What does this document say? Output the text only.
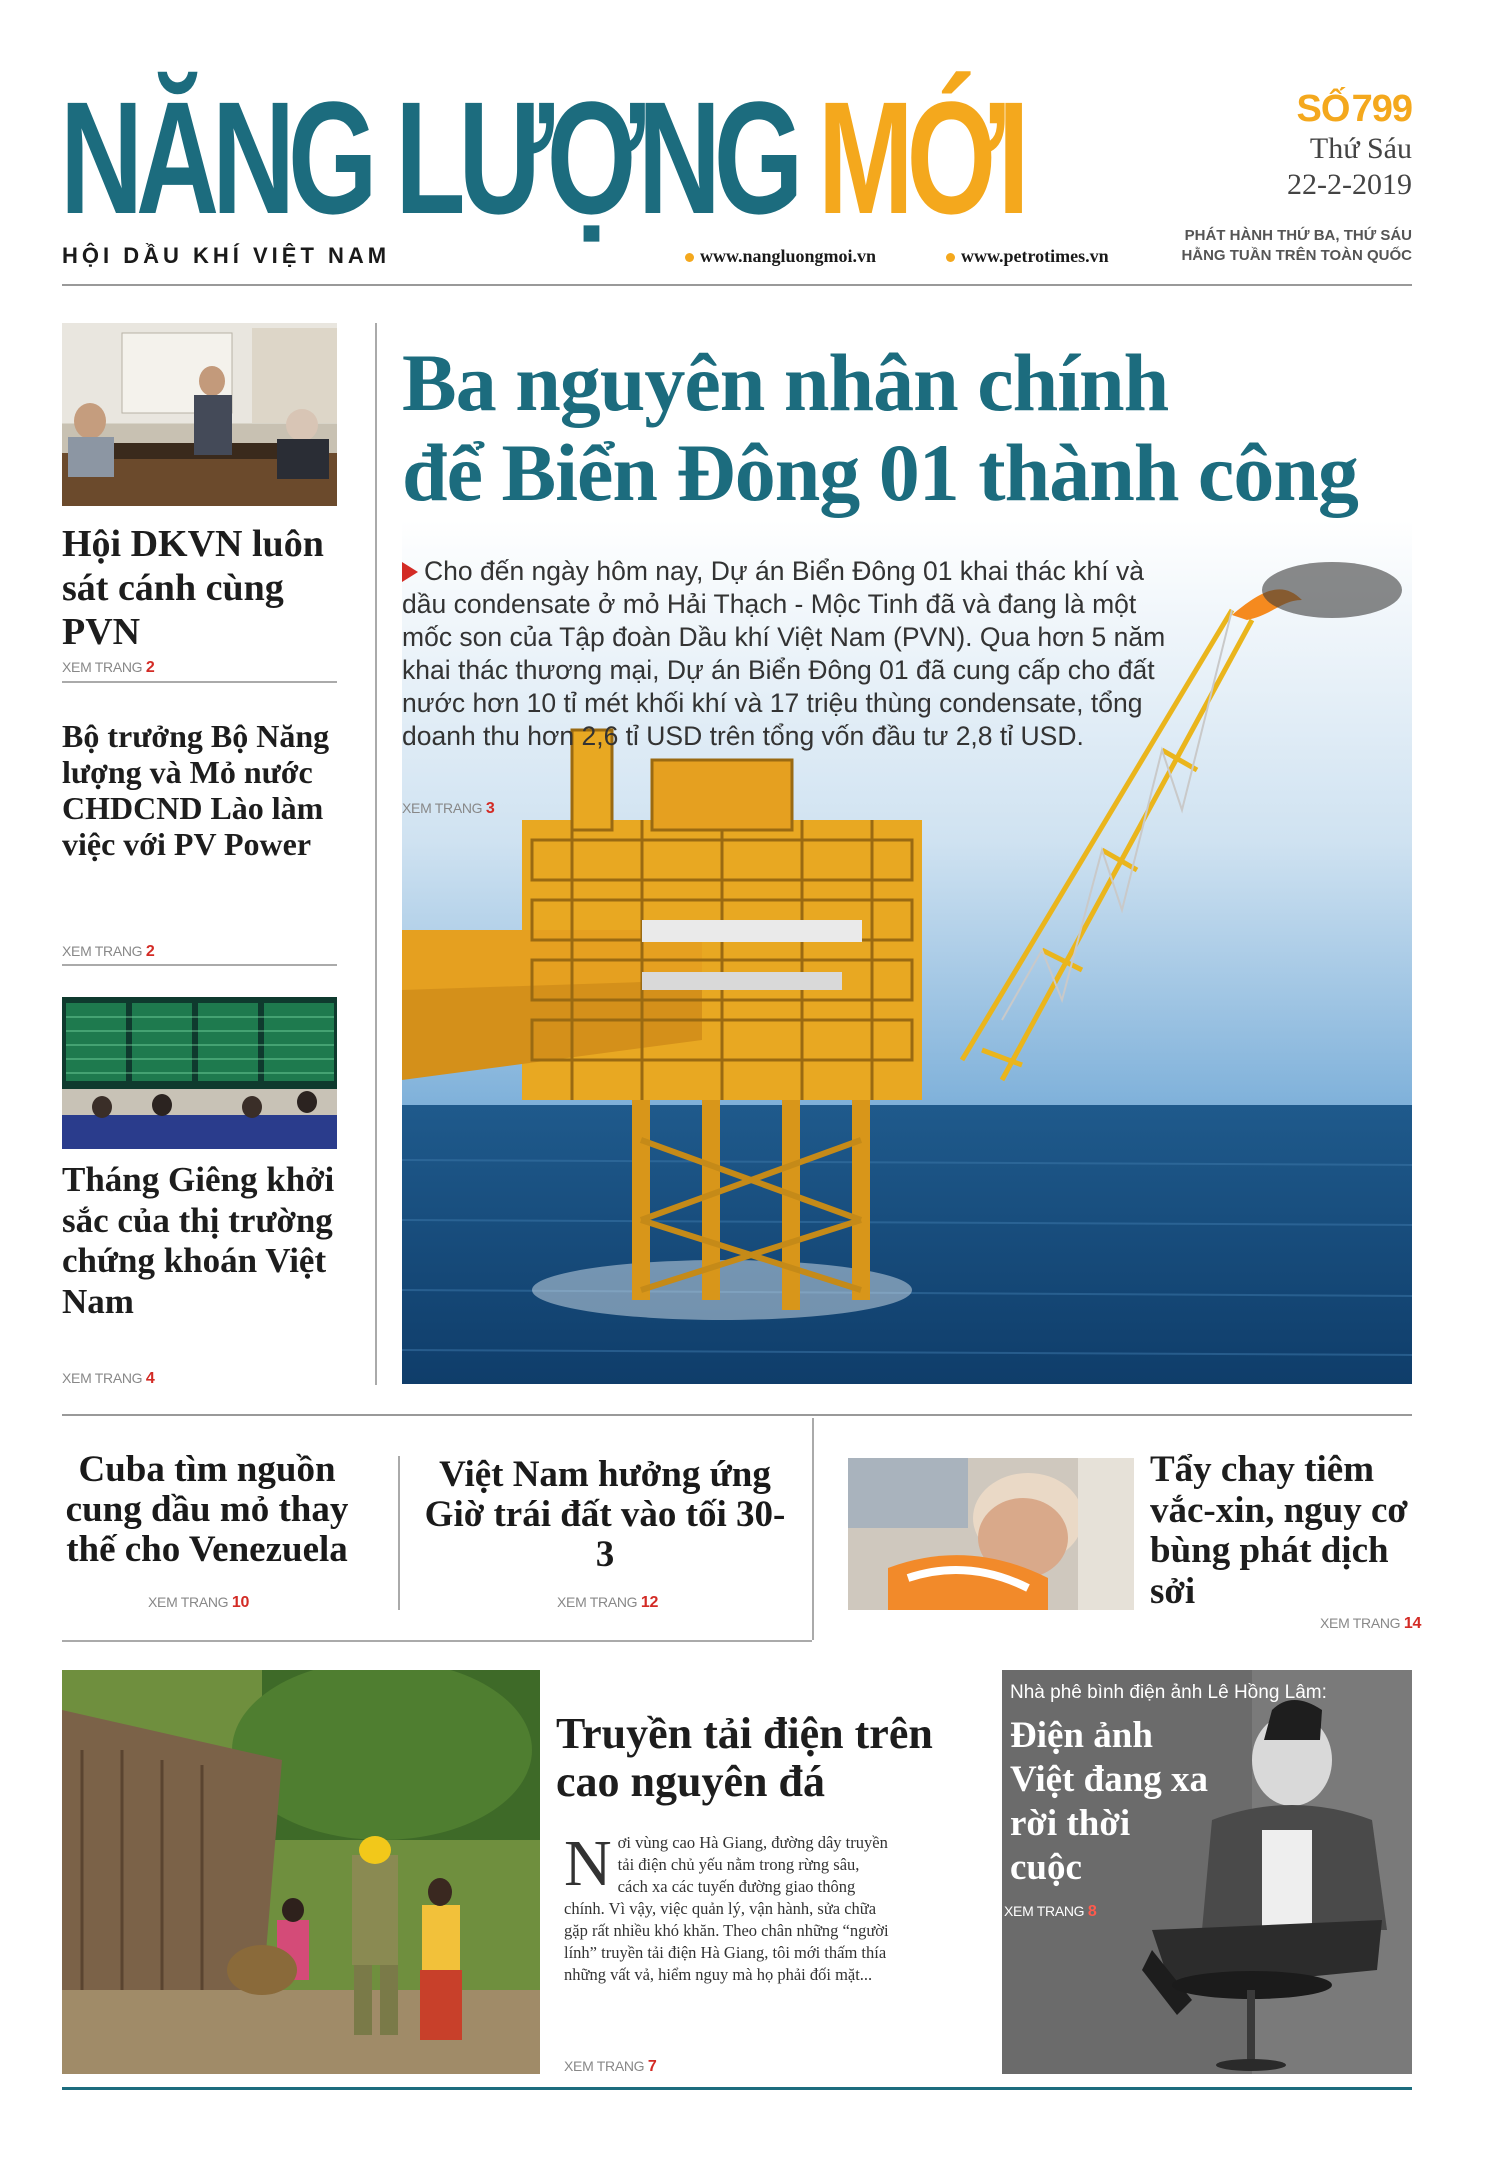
NĂNG LƯỢNG MỚI
HỘI DẦU KHÍ VIỆT NAM	www.nangluongmoi.vn	www.petrotimes.vn
SỐ 799
Thứ Sáu
22-2-2019
PHÁT HÀNH THỨ BA, THỨ SÁU
HẰNG TUẦN TRÊN TOÀN QUỐC
Hội DKVN luôn sát cánh cùng PVN
XEM TRANG 2
Bộ trưởng Bộ Năng lượng và Mỏ nước CHDCND Lào làm việc với PV Power
XEM TRANG 2
Tháng Giêng khởi sắc của thị trường chứng khoán Việt Nam
XEM TRANG 4
Ba nguyên nhân chính
để Biển Đông 01 thành công
Cho đến ngày hôm nay, Dự án Biển Đông 01 khai thác khí và dầu condensate ở mỏ Hải Thạch - Mộc Tinh đã và đang là một mốc son của Tập đoàn Dầu khí Việt Nam (PVN). Qua hơn 5 năm khai thác thương mại, Dự án Biển Đông 01 đã cung cấp cho đất nước hơn 10 tỉ mét khối khí và 17 triệu thùng condensate, tổng doanh thu hơn 2,6 tỉ USD trên tổng vốn đầu tư 2,8 tỉ USD.
XEM TRANG 3
Cuba tìm nguồn cung dầu mỏ thay thế cho Venezuela
XEM TRANG 10
Việt Nam hưởng ứng Giờ trái đất vào tối 30-3
XEM TRANG 12
Tẩy chay tiêm vắc-xin, nguy cơ bùng phát dịch sởi
XEM TRANG 14
Truyền tải điện trên cao nguyên đá
Nơi vùng cao Hà Giang, đường dây truyền tải điện chủ yếu nằm trong rừng sâu, cách xa các tuyến đường giao thông chính. Vì vậy, việc quản lý, vận hành, sửa chữa gặp rất nhiều khó khăn. Theo chân những “người lính” truyền tải điện Hà Giang, tôi mới thấm thía những vất vả, hiểm nguy mà họ phải đối mặt...
XEM TRANG 7
Nhà phê bình điện ảnh Lê Hồng Lâm:
Điện ảnh Việt đang xa rời thời cuộc
XEM TRANG 8
